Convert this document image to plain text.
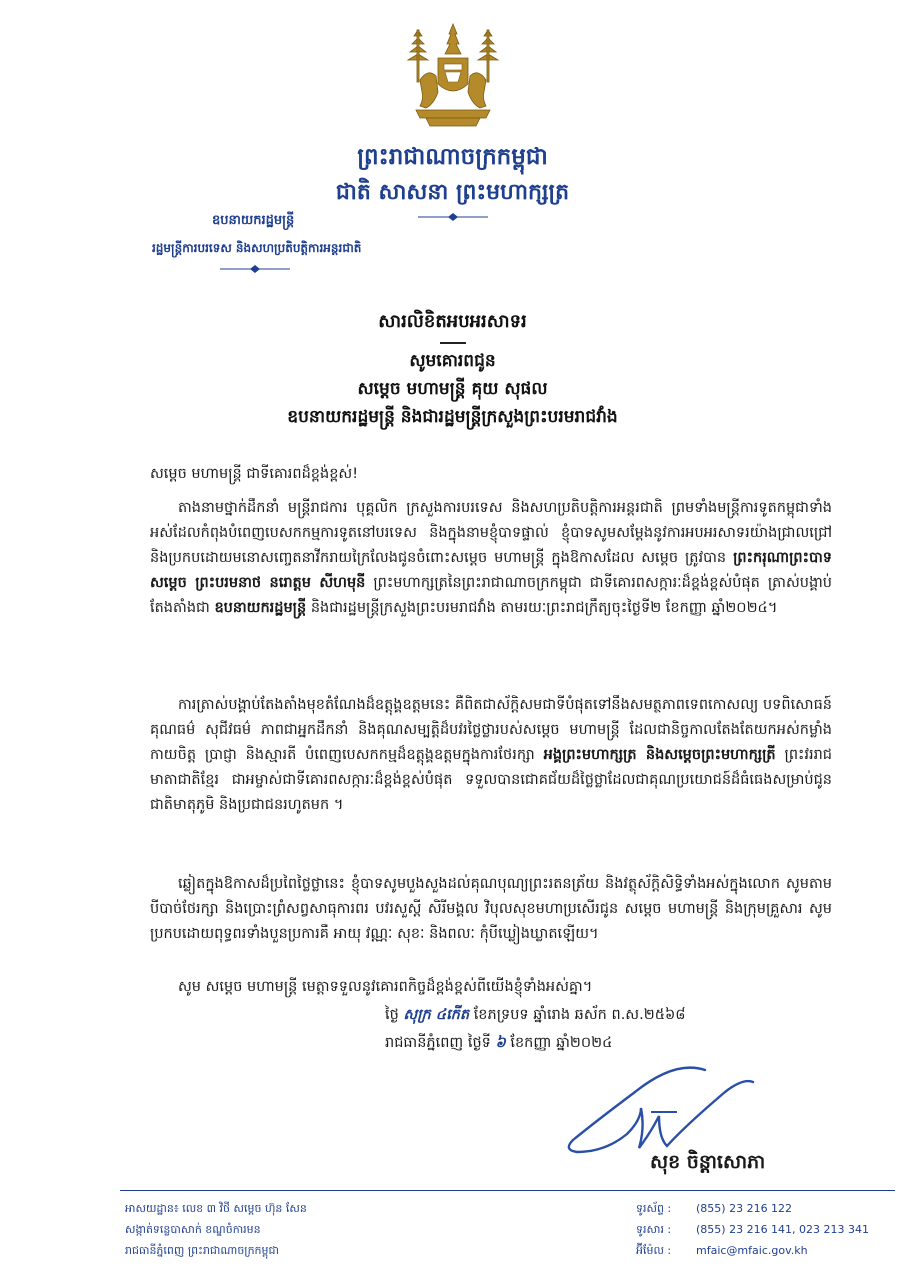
ព្រះរាជាណាចក្រកម្ពុជា
ជាតិ សាសនា ព្រះមហាក្សត្រ
ឧបនាយករដ្ឋមន្ត្រី
រដ្ឋមន្ត្រីការបរទេស និងសហប្រតិបត្តិការអន្តរជាតិ
សារលិខិតអបអរសាទរ
សូមគោរពជូន
សម្តេច មហាមន្ត្រី គុយ សុផល
ឧបនាយករដ្ឋមន្ត្រី និងជារដ្ឋមន្ត្រីក្រសួងព្រះបរមរាជវាំង
សម្តេច មហាមន្ត្រី ជាទីគោរពដ៏ខ្ពង់ខ្ពស់!

តាងនាមថ្នាក់ដឹកនាំ មន្ត្រីរាជការ បុគ្គលិក ក្រសួងការបរទេស និងសហប្រតិបត្តិការអន្តរជាតិ ព្រមទាំងមន្ត្រីការទូតកម្ពុជាទាំងអស់ដែលកំពុងបំពេញបេសកកម្មការទូតនៅបរទេស និងក្នុងនាមខ្ញុំបាទផ្ទាល់ ខ្ញុំបាទសូមសម្តែងនូវការអបអរសាទរយ៉ាងជ្រាលជ្រៅ និងប្រកបដោយមនោសញ្ចេតនាវីករាយក្រៃលែងជូនចំពោះសម្តេច មហាមន្ត្រី ក្នុងឱកាសដែល សម្តេច ត្រូវបាន ព្រះករុណាព្រះបាទសម្តេច ព្រះបរមនាថ នរោត្តម សីហមុនី ព្រះមហាក្សត្រនៃព្រះរាជាណាចក្រកម្ពុជា ជាទីគោរពសក្ការៈដ៏ខ្ពង់ខ្ពស់បំផុត ត្រាស់បង្គាប់តែងតាំងជា ឧបនាយករដ្ឋមន្ត្រី និងជារដ្ឋមន្ត្រីក្រសួងព្រះបរមរាជវាំង តាមរយៈព្រះរាជក្រឹត្យចុះថ្ងៃទី២ ខែកញ្ញា ឆ្នាំ២០២៤។

ការត្រាស់បង្គាប់តែងតាំងមុខតំណែងដ៏ឧត្តុង្គឧត្តមនេះ គឺពិតជាស័ក្តិសមជាទីបំផុតទៅនឹងសមត្ថភាពទេពកោសល្យ បទពិសោធន៍ គុណធម៌ សុជីវធម៌ ភាពជាអ្នកដឹកនាំ និងគុណសម្បត្តិដ៏បវរថ្លៃថ្លារបស់សម្តេច មហាមន្ត្រី ដែលជានិច្ចកាលតែងតែយកអស់កម្លាំងកាយចិត្ត ប្រាជ្ញា និងស្មារតី បំពេញបេសកកម្មដ៏ឧត្តុង្គឧត្តមក្នុងការថែរក្សា អង្គព្រះមហាក្សត្រ និងសម្តេចព្រះមហាក្សត្រី ព្រះវររាជមាតាជាតិខ្មែរ ជាអម្ចាស់ជាទីគោរពសក្ការៈដ៏ខ្ពង់ខ្ពស់បំផុត ទទួលបានជោគជ័យដ៏ថ្លៃថ្លាដែលជាគុណប្រយោជន៍ដ៏ធំធេងសម្រាប់ជូនជាតិមាតុភូមិ និងប្រជាជនរហូតមក ។

ឆ្លៀតក្នុងឱកាសដ៏ប្រពៃថ្លៃថ្លានេះ ខ្ញុំបាទសូមបួងសួងដល់គុណបុណ្យព្រះរតនត្រ័យ និងវត្ថុស័ក្តិសិទ្ធិទាំងអស់ក្នុងលោក សូមតាមបីបាច់ថែរក្សា និងប្រោះព្រំសព្វសាធុការពរ បវរសួស្តី សិរីមង្គល វិបុលសុខមហាប្រសើរជូន សម្តេច មហាមន្ត្រី និងក្រុមគ្រួសារ សូមប្រកបដោយពុទ្ធពរទាំងបួនប្រការគឺ អាយុ វណ្ណៈ សុខៈ និងពលៈ កុំបីឃ្លៀងឃ្លាតឡើយ។

សូម សម្តេច មហាមន្ត្រី មេត្តាទទួលនូវគោរពកិច្ចដ៏ខ្ពង់ខ្ពស់ពីយើងខ្ញុំទាំងអស់គ្នា។

ថ្ងៃ សុក្រ ៤កើត ខែភទ្របទ ឆ្នាំរោង ឆស័ក ព.ស.២៥៦៨
រាជធានីភ្នំពេញ ថ្ងៃទី ៦ ខែកញ្ញា ឆ្នាំ២០២៤
សុខ ចិន្តាសោភា
អាសយដ្ឋាន៖ លេខ ៣ វិថី សម្តេច ហ៊ុន សែន
សង្កាត់ទន្លេបាសាក់ ខណ្ឌចំការមន
រាជធានីភ្នំពេញ ព្រះរាជាណាចក្រកម្ពុជា
ទូរស័ព្ទ : (855) 23 216 122
ទូរសារ : (855) 23 216 141, 023 213 341
អ៊ីម៉ែល : mfaic@mfaic.gov.kh
